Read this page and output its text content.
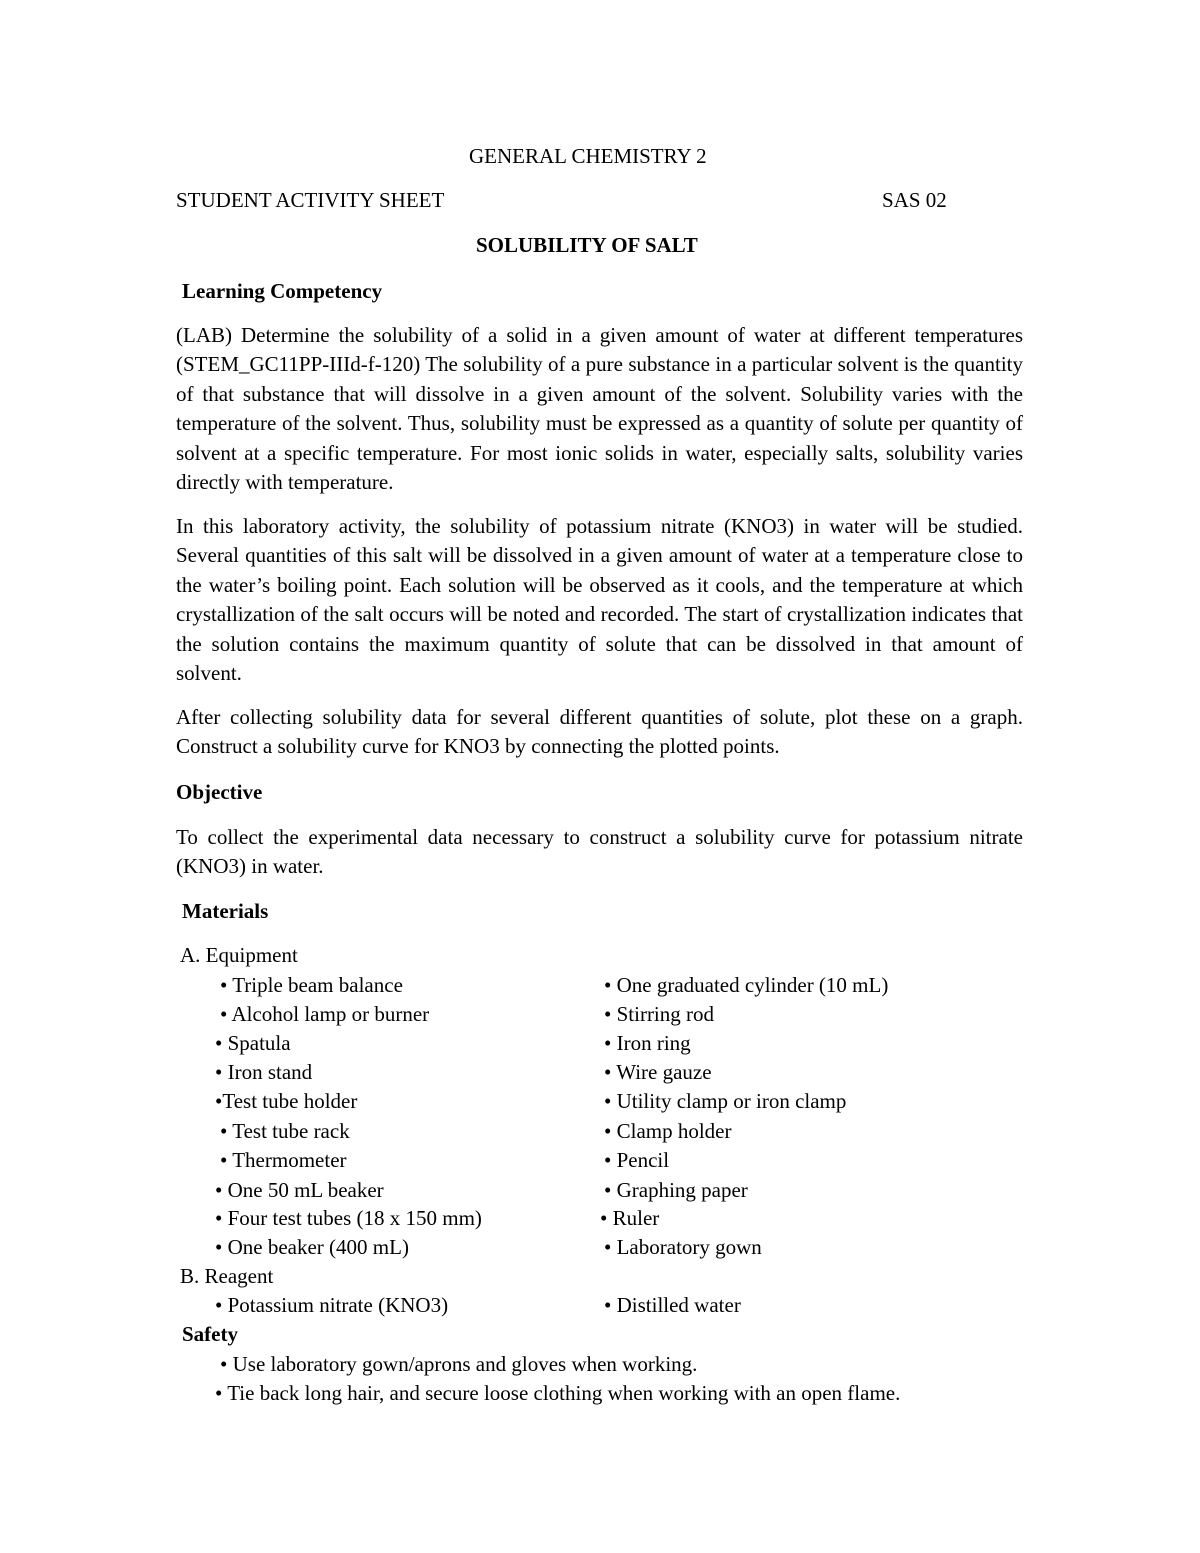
GENERAL CHEMISTRY 2
STUDENT ACTIVITY SHEET	SAS 02
SOLUBILITY OF SALT
Learning Competency

(LAB) Determine the solubility of a solid in a given amount of water at different temperatures (STEM_GC11PP-IIId-f-120) The solubility of a pure substance in a particular solvent is the quantity of that substance that will dissolve in a given amount of the solvent. Solubility varies with the temperature of the solvent. Thus, solubility must be expressed as a quantity of solute per quantity of solvent at a specific temperature. For most ionic solids in water, especially salts, solubility varies directly with temperature.

In this laboratory activity, the solubility of potassium nitrate (KNO3) in water will be studied. Several quantities of this salt will be dissolved in a given amount of water at a temperature close to the water’s boiling point. Each solution will be observed as it cools, and the temperature at which crystallization of the salt occurs will be noted and recorded. The start of crystallization indicates that the solution contains the maximum quantity of solute that can be dissolved in that amount of solvent.

After collecting solubility data for several different quantities of solute, plot these on a graph. Construct a solubility curve for KNO3 by connecting the plotted points.

Objective

To collect the experimental data necessary to construct a solubility curve for potassium nitrate (KNO3) in water.

Materials
A. Equipment
• Triple beam balance
• Alcohol lamp or burner
• Spatula
• Iron stand
•Test tube holder
• Test tube rack
• Thermometer
• One 50 mL beaker
• Four test tubes (18 x 150 mm)
• One beaker (400 mL)
• One graduated cylinder (10 mL)
• Stirring rod
• Iron ring
• Wire gauze
• Utility clamp or iron clamp
• Clamp holder
• Pencil
• Graphing paper
• Ruler
• Laboratory gown
B. Reagent
• Potassium nitrate (KNO3)	• Distilled water
Safety
• Use laboratory gown/aprons and gloves when working.
• Tie back long hair, and secure loose clothing when working with an open flame.
